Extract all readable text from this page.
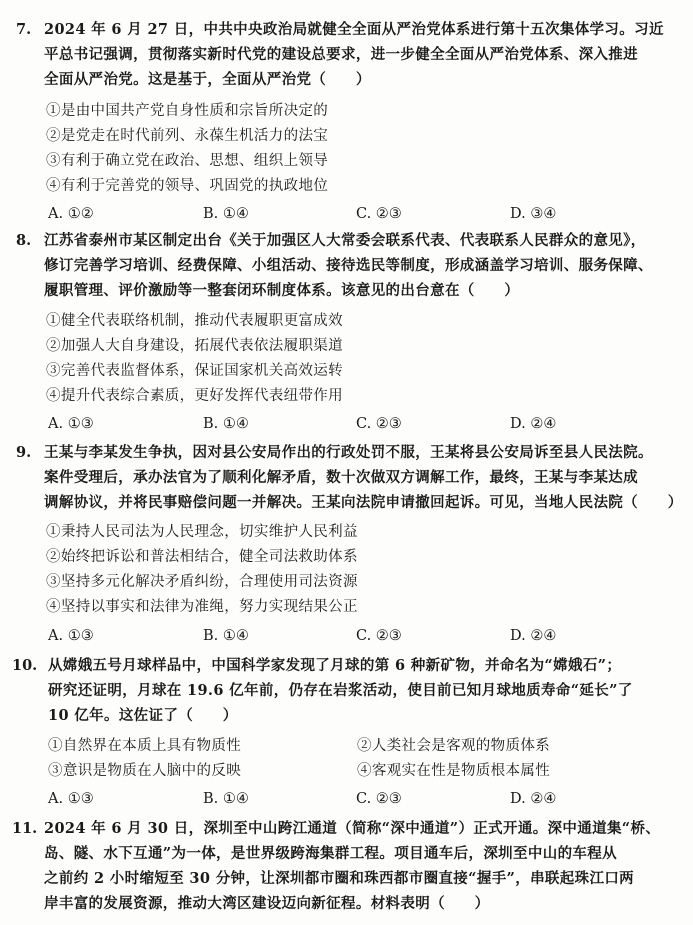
7. 2024 年 6 月 27 日，中共中央政治局就健全全面从严治党体系进行第十五次集体学习。习近
平总书记强调，贯彻落实新时代党的建设总要求，进一步健全全面从严治党体系、深入推进
全面从严治党。这是基于，全面从严治党（　　）
①是由中国共产党自身性质和宗旨所决定的
②是党走在时代前列、永葆生机活力的法宝
③有利于确立党在政治、思想、组织上领导
④有利于完善党的领导、巩固党的执政地位
A. ①②	B. ①④	C. ②③	D. ③④
8. 江苏省泰州市某区制定出台《关于加强区人大常委会联系代表、代表联系人民群众的意见》，
修订完善学习培训、经费保障、小组活动、接待选民等制度，形成涵盖学习培训、服务保障、
履职管理、评价激励等一整套闭环制度体系。该意见的出台意在（　　）
①健全代表联络机制，推动代表履职更富成效
②加强人大自身建设，拓展代表依法履职渠道
③完善代表监督体系，保证国家机关高效运转
④提升代表综合素质，更好发挥代表纽带作用
A. ①③	B. ①④	C. ②③	D. ②④
9. 王某与李某发生争执，因对县公安局作出的行政处罚不服，王某将县公安局诉至县人民法院。
案件受理后，承办法官为了顺利化解矛盾，数十次做双方调解工作，最终，王某与李某达成
调解协议，并将民事赔偿问题一并解决。王某向法院申请撤回起诉。可见，当地人民法院（　　）
①秉持人民司法为人民理念，切实维护人民利益
②始终把诉讼和普法相结合，健全司法救助体系
③坚持多元化解决矛盾纠纷，合理使用司法资源
④坚持以事实和法律为准绳，努力实现结果公正
A. ①③	B. ①④	C. ②③	D. ②④
10. 从嫦娥五号月球样品中，中国科学家发现了月球的第 6 种新矿物，并命名为“嫦娥石”；
研究还证明，月球在 19.6 亿年前，仍存在岩浆活动，使目前已知月球地质寿命“延长”了
10 亿年。这佐证了（　　）
①自然界在本质上具有物质性	②人类社会是客观的物质体系
③意识是物质在人脑中的反映	④客观实在性是物质根本属性
A. ①③	B. ①④	C. ②③	D. ②④
11. 2024 年 6 月 30 日，深圳至中山跨江通道（简称“深中通道”）正式开通。深中通道集“桥、
岛、隧、水下互通”为一体，是世界级跨海集群工程。项目通车后，深圳至中山的车程从
之前约 2 小时缩短至 30 分钟，让深圳都市圈和珠西都市圈直接“握手”，串联起珠江口两
岸丰富的发展资源，推动大湾区建设迈向新征程。材料表明（　　）
